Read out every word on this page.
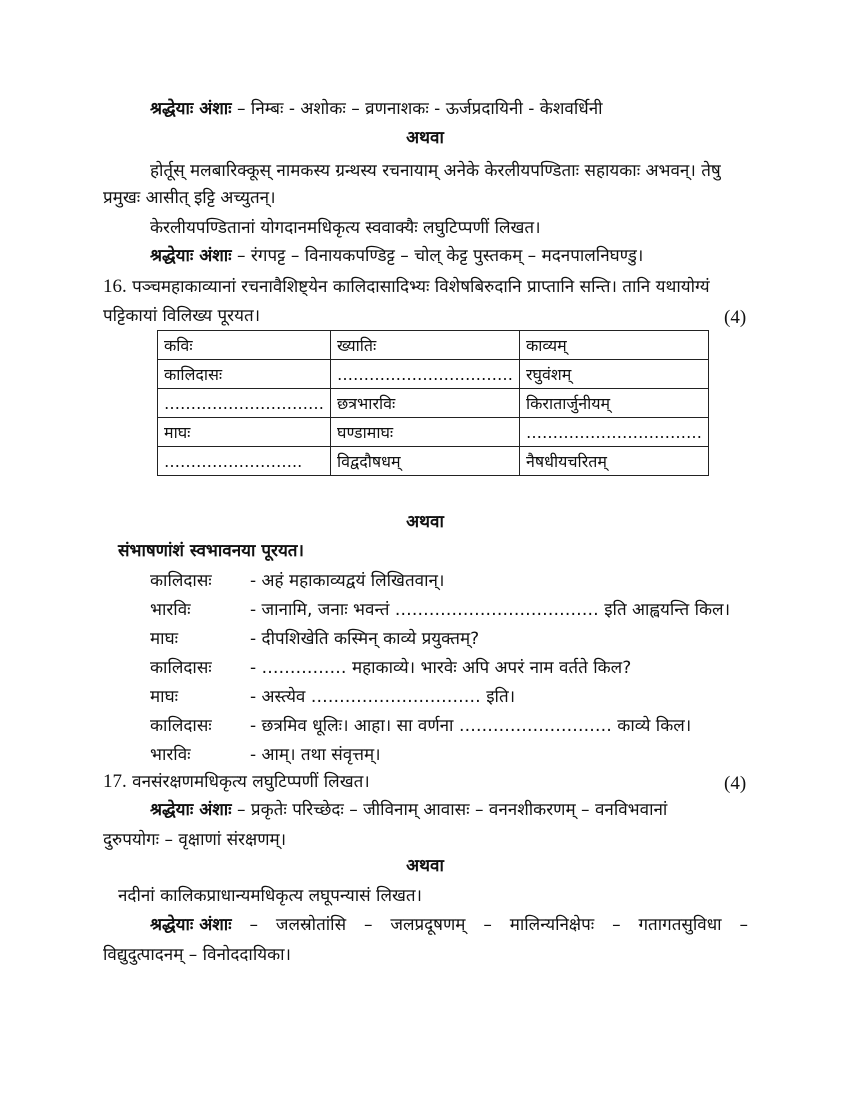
श्रद्धेयाः अंशाः – निम्बः - अशोकः – व्रणनाशकः - ऊर्जप्रदायिनी - केशवर्धिनी
अथवा
होर्तूस् मलबारिक्कूस् नामकस्य ग्रन्थस्य रचनायाम् अनेके केरलीयपण्डिताः सहायकाः अभवन्। तेषु
प्रमुखः आसीत् इट्टि अच्युतन्।
केरलीयपण्डितानां योगदानमधिकृत्य स्ववाक्यैः लघुटिप्पणीं लिखत।
श्रद्धेयाः अंशाः – रंगपट्ट – विनायकपण्डिट्ट – चोल् केट्ट पुस्तकम् – मदनपालनिघण्डु।
16. पञ्चमहाकाव्यानां रचनावैशिष्ट्येन कालिदासादिभ्यः विशेषबिरुदानि प्राप्तानि सन्ति। तानि यथायोग्यं
पट्टिकायां विलिख्य पूरयत।	(4)
कविः	ख्यातिः	काव्यम्
कालिदासः	……………………………	रघुवंशम्
…………………………	छत्रभारविः	किरातार्जुनीयम्
माघः	घण्डामाघः	……………………………
……………………..	विद्वदौषधम्	नैषधीयचरितम्
अथवा
संभाषणांशं स्वभावनया पूरयत।
कालिदासः - अहं महाकाव्यद्वयं लिखितवान्।
भारविः	- जानामि, जनाः भवन्तं ……………………………… इति आह्वयन्ति किल।
माघः	- दीपशिखेति कस्मिन् काव्ये प्रयुक्तम्?
कालिदासः - …………… महाकाव्ये। भारवेः अपि अपरं नाम वर्तते किल?
माघः	- अस्त्येव ………………………… इति।
कालिदासः - छत्रमिव धूलिः। आहा। सा वर्णना ……………………… काव्ये किल।
भारविः	- आम्। तथा संवृत्तम्।
17. वनसंरक्षणमधिकृत्य लघुटिप्पणीं लिखत।	(4)
श्रद्धेयाः अंशाः – प्रकृतेः परिच्छेदः – जीविनाम् आवासः – वननशीकरणम् – वनविभवानां
दुरुपयोगः – वृक्षाणां संरक्षणम्।
अथवा
नदीनां कालिकप्राधान्यमधिकृत्य लघूपन्यासं लिखत।
श्रद्धेयाः अंशाः – जलस्रोतांसि – जलप्रदूषणम् – मालिन्यनिक्षेपः – गतागतसुविधा –
विद्युदुत्पादनम् – विनोददायिका।
